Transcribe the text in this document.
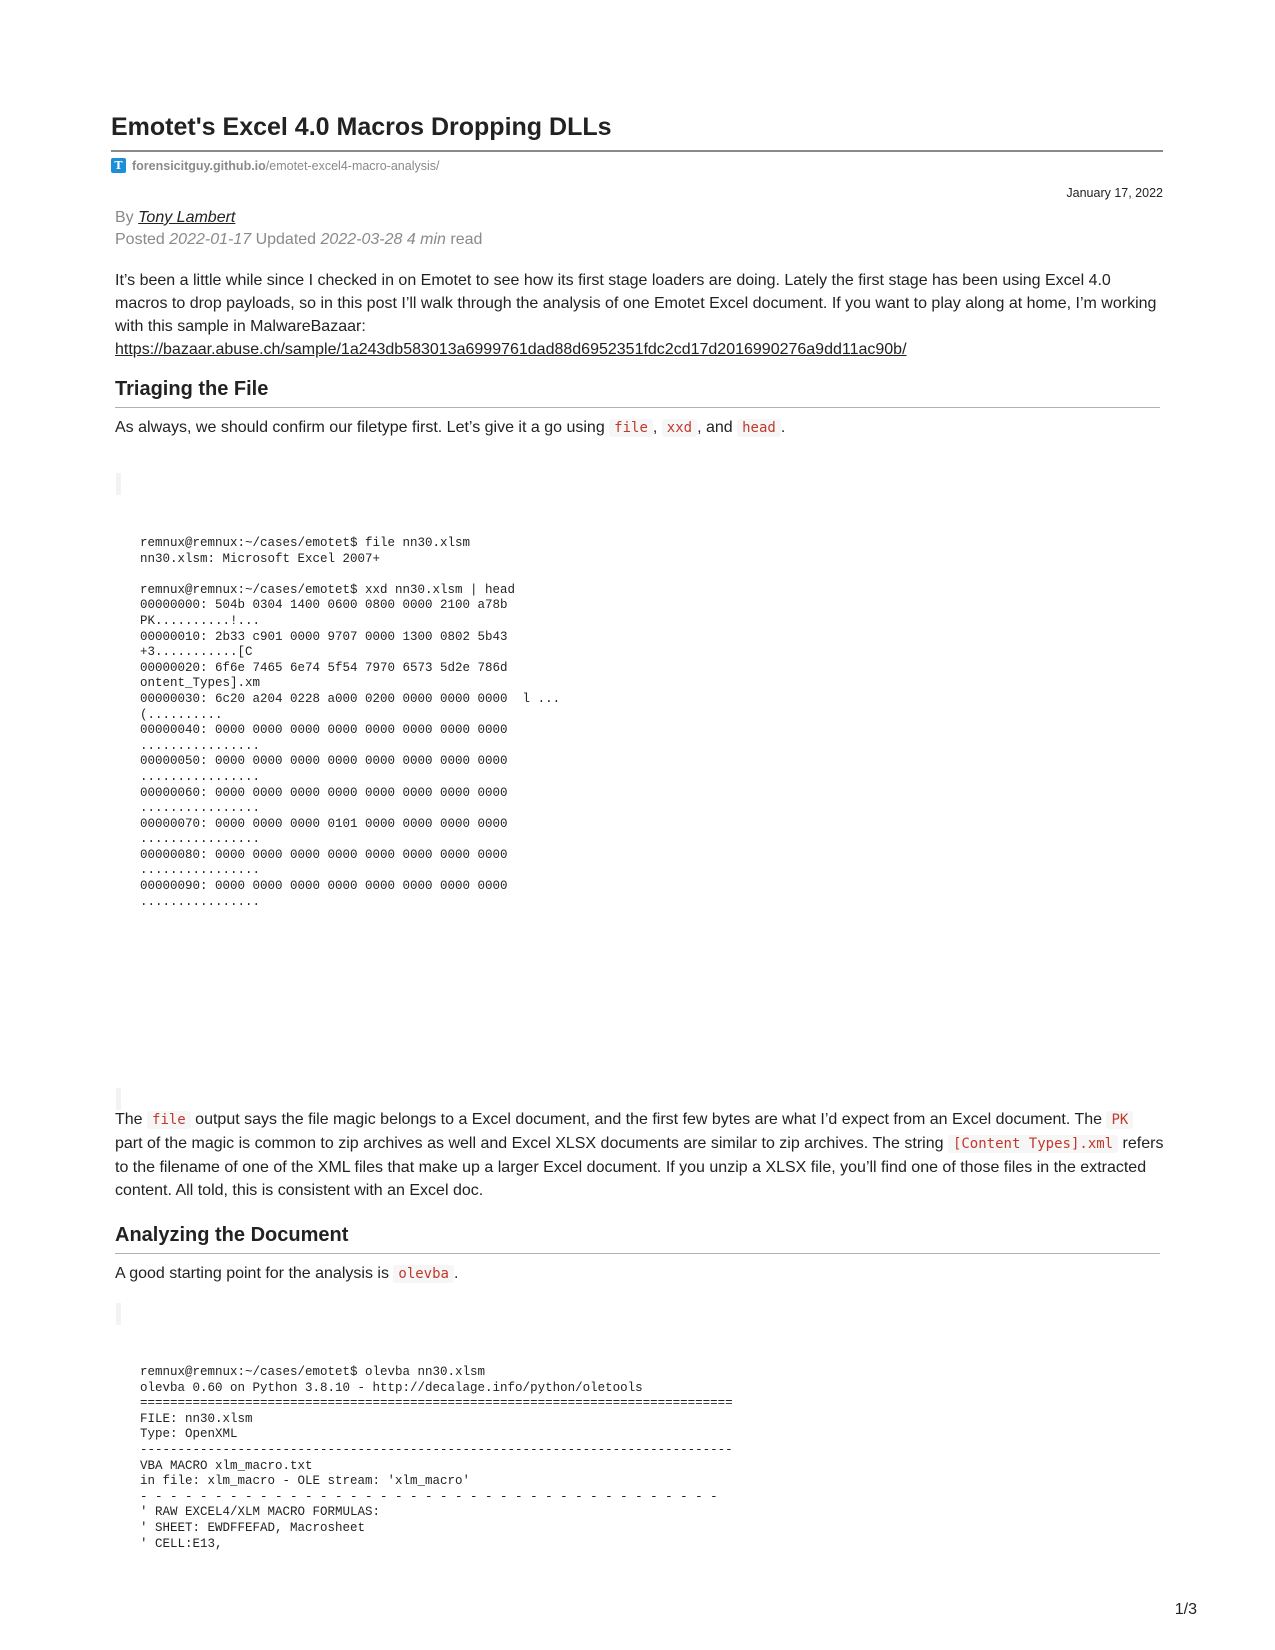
Emotet's Excel 4.0 Macros Dropping DLLs
T forensicitguy.github.io/emotet-excel4-macro-analysis/
January 17, 2022
By Tony Lambert
Posted 2022-01-17 Updated 2022-03-28 4 min read
It’s been a little while since I checked in on Emotet to see how its first stage loaders are doing. Lately the first stage has been using Excel 4.0 macros to drop payloads, so in this post I’ll walk through the analysis of one Emotet Excel document. If you want to play along at home, I’m working with this sample in MalwareBazaar:
https://bazaar.abuse.ch/sample/1a243db583013a6999761dad88d6952351fdc2cd17d2016990276a9dd11ac90b/
Triaging the File
As always, we should confirm our filetype first. Let’s give it a go using file , xxd , and head .
remnux@remnux:~/cases/emotet$ file nn30.xlsm
nn30.xlsm: Microsoft Excel 2007+

remnux@remnux:~/cases/emotet$ xxd nn30.xlsm | head
00000000: 504b 0304 1400 0600 0800 0000 2100 a78b
PK..........!...
00000010: 2b33 c901 0000 9707 0000 1300 0802 5b43
+3...........[C
00000020: 6f6e 7465 6e74 5f54 7970 6573 5d2e 786d
ontent_Types].xm
00000030: 6c20 a204 0228 a000 0200 0000 0000 0000  l ...
(..........
00000040: 0000 0000 0000 0000 0000 0000 0000 0000
................
00000050: 0000 0000 0000 0000 0000 0000 0000 0000
................
00000060: 0000 0000 0000 0000 0000 0000 0000 0000
................
00000070: 0000 0000 0000 0101 0000 0000 0000 0000
................
00000080: 0000 0000 0000 0000 0000 0000 0000 0000
................
00000090: 0000 0000 0000 0000 0000 0000 0000 0000
................
The file output says the file magic belongs to a Excel document, and the first few bytes are what I’d expect from an Excel document. The PK part of the magic is common to zip archives as well and Excel XLSX documents are similar to zip archives. The string [Content Types].xml refers to the filename of one of the XML files that make up a larger Excel document. If you unzip a XLSX file, you’ll find one of those files in the extracted content. All told, this is consistent with an Excel doc.
Analyzing the Document
A good starting point for the analysis is olevba .
remnux@remnux:~/cases/emotet$ olevba nn30.xlsm
olevba 0.60 on Python 3.8.10 - http://decalage.info/python/oletools
===============================================================================
FILE: nn30.xlsm
Type: OpenXML
-------------------------------------------------------------------------------
VBA MACRO xlm_macro.txt
in file: xlm_macro - OLE stream: 'xlm_macro'
- - - - - - - - - - - - - - - - - - - - - - - - - - - - - - - - - - - - - - -
' RAW EXCEL4/XLM MACRO FORMULAS:
' SHEET: EWDFFEFAD, Macrosheet
' CELL:E13,
1/3
